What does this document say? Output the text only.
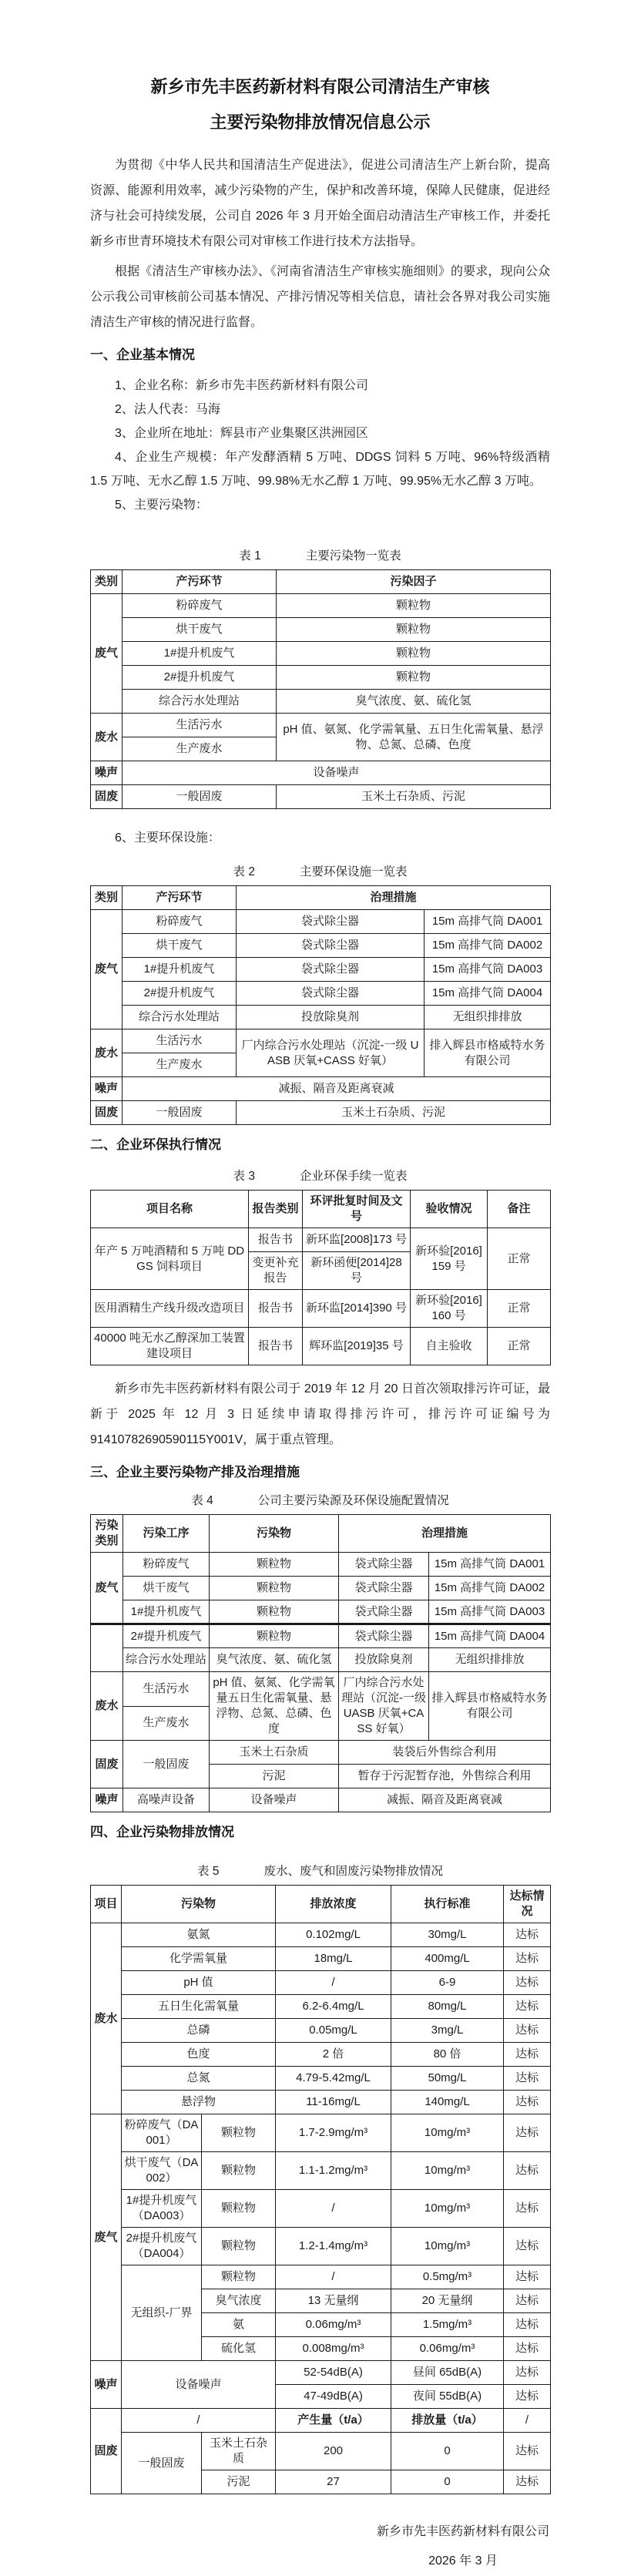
新乡市先丰医药新材料有限公司清洁生产审核
主要污染物排放情况信息公示

为贯彻《中华人民共和国清洁生产促进法》，促进公司清洁生产上新台阶，提高资源、能源利用效率，减少污染物的产生，保护和改善环境，保障人民健康，促进经济与社会可持续发展，公司自 2026 年 3 月开始全面启动清洁生产审核工作，并委托新乡市世青环境技术有限公司对审核工作进行技术方法指导。

根据《清洁生产审核办法》、《河南省清洁生产审核实施细则》的要求，现向公众公示我公司审核前公司基本情况、产排污情况等相关信息，请社会各界对我公司实施清洁生产审核的情况进行监督。

一、企业基本情况

1、企业名称：新乡市先丰医药新材料有限公司

2、法人代表：马海

3、企业所在地址：辉县市产业集聚区洪洲园区

4、企业生产规模：年产发酵酒精 5 万吨、DDGS 饲料 5 万吨、96%特级酒精 1.5 万吨、无水乙醇 1.5 万吨、99.98%无水乙醇 1 万吨、99.95%无水乙醇 3 万吨。

5、主要污染物：

表 1	主要污染物一览表
类别	产污环节	污染因子
废气	粉碎废气	颗粒物
	烘干废气	颗粒物
	1#提升机废气	颗粒物
	2#提升机废气	颗粒物
	综合污水处理站	臭气浓度、氨、硫化氢
废水	生活污水	pH 值、氨氮、化学需氧量、五日生化需氧量、悬浮物、总氮、总磷、色度
	生产废水	
噪声	设备噪声	
固废	一般固废	玉米土石杂质、污泥

6、主要环保设施：

表 2	主要环保设施一览表
类别	产污环节	治理措施	
废气	粉碎废气	袋式除尘器	15m 高排气筒 DA001
	烘干废气	袋式除尘器	15m 高排气筒 DA002
	1#提升机废气	袋式除尘器	15m 高排气筒 DA003
	2#提升机废气	袋式除尘器	15m 高排气筒 DA004
	综合污水处理站	投放除臭剂	无组织排排放
废水	生活污水	厂内综合污水处理站（沉淀-一级 UASB 厌氧+CASS 好氧）	排入辉县市格威特水务有限公司
	生产废水		
噪声	减振、隔音及距离衰减		
固废	一般固废	玉米土石杂质、污泥	
二、企业环保执行情况
表 3	企业环保手续一览表
项目名称	报告类别	环评批复时间及文号	验收情况	备注
年产 5 万吨酒精和 5 万吨 DDGS 饲料项目	报告书	新环监[2008]173 号	新环验[2016]159 号	正常
	变更补充报告	新环函便[2014]28 号		
医用酒精生产线升级改造项目	报告书	新环监[2014]390 号	新环验[2016]160 号	正常
40000 吨无水乙醇深加工装置建设项目	报告书	辉环监[2019]35 号	自主验收	正常

新乡市先丰医药新材料有限公司于 2019 年 12 月 20 日首次领取排污许可证，最新于 2025 年 12 月 3 日延续申请取得排污许可，排污许可证编号为 91410782690590115Y001V，属于重点管理。

三、企业主要污染物产排及治理措施
表 4	公司主要污染源及环保设施配置情况
污染类别	污染工序	污染物	治理措施	
废气	粉碎废气	颗粒物	袋式除尘器	15m 高排气筒 DA001
	烘干废气	颗粒物	袋式除尘器	15m 高排气筒 DA002
	1#提升机废气	颗粒物	袋式除尘器	15m 高排气筒 DA003
	2#提升机废气	颗粒物	袋式除尘器	15m 高排气筒 DA004
	综合污水处理站	臭气浓度、氨、硫化氢	投放除臭剂	无组织排排放
废水	生活污水	pH 值、氨氮、化学需氧量五日生化需氧量、悬浮物、总氮、总磷、色度	厂内综合污水处理站（沉淀-一级 UASB 厌氧+CASS 好氧）	排入辉县市格威特水务有限公司
	生产废水			
固废	一般固废	玉米土石杂质	装袋后外售综合利用	
		污泥	暂存于污泥暂存池，外售综合利用	
噪声	高噪声设备	设备噪声	减振、隔音及距离衰减	
四、企业污染物排放情况
表 5	废水、废气和固废污染物排放情况
项目	污染物		排放浓度	执行标准	达标情况
废水	氨氮		0.102mg/L	30mg/L	达标
	化学需氧量		18mg/L	400mg/L	达标
	pH 值		/	6-9	达标
	五日生化需氧量		6.2-6.4mg/L	80mg/L	达标
	总磷		0.05mg/L	3mg/L	达标
	色度		2 倍	80 倍	达标
	总氮		4.79-5.42mg/L	50mg/L	达标
	悬浮物		11-16mg/L	140mg/L	达标
废气	粉碎废气（DA001）	颗粒物	1.7-2.9mg/m³	10mg/m³	达标
	烘干废气（DA002）	颗粒物	1.1-1.2mg/m³	10mg/m³	达标
	1#提升机废气（DA003）	颗粒物	/	10mg/m³	达标
	2#提升机废气（DA004）	颗粒物	1.2-1.4mg/m³	10mg/m³	达标
	无组织-厂界	颗粒物	/	0.5mg/m³	达标
		臭气浓度	13 无量纲	20 无量纲	达标
		氨	0.06mg/m³	1.5mg/m³	达标
		硫化氢	0.008mg/m³	0.06mg/m³	达标
噪声	设备噪声		52-54dB(A)	昼间 65dB(A)	达标
			47-49dB(A)	夜间 55dB(A)	达标
固废	/		产生量（t/a）	排放量（t/a）	/
	一般固废	玉米土石杂质	200	0	达标
		污泥	27	0	达标
新乡市先丰医药新材料有限公司
2026 年 3 月
